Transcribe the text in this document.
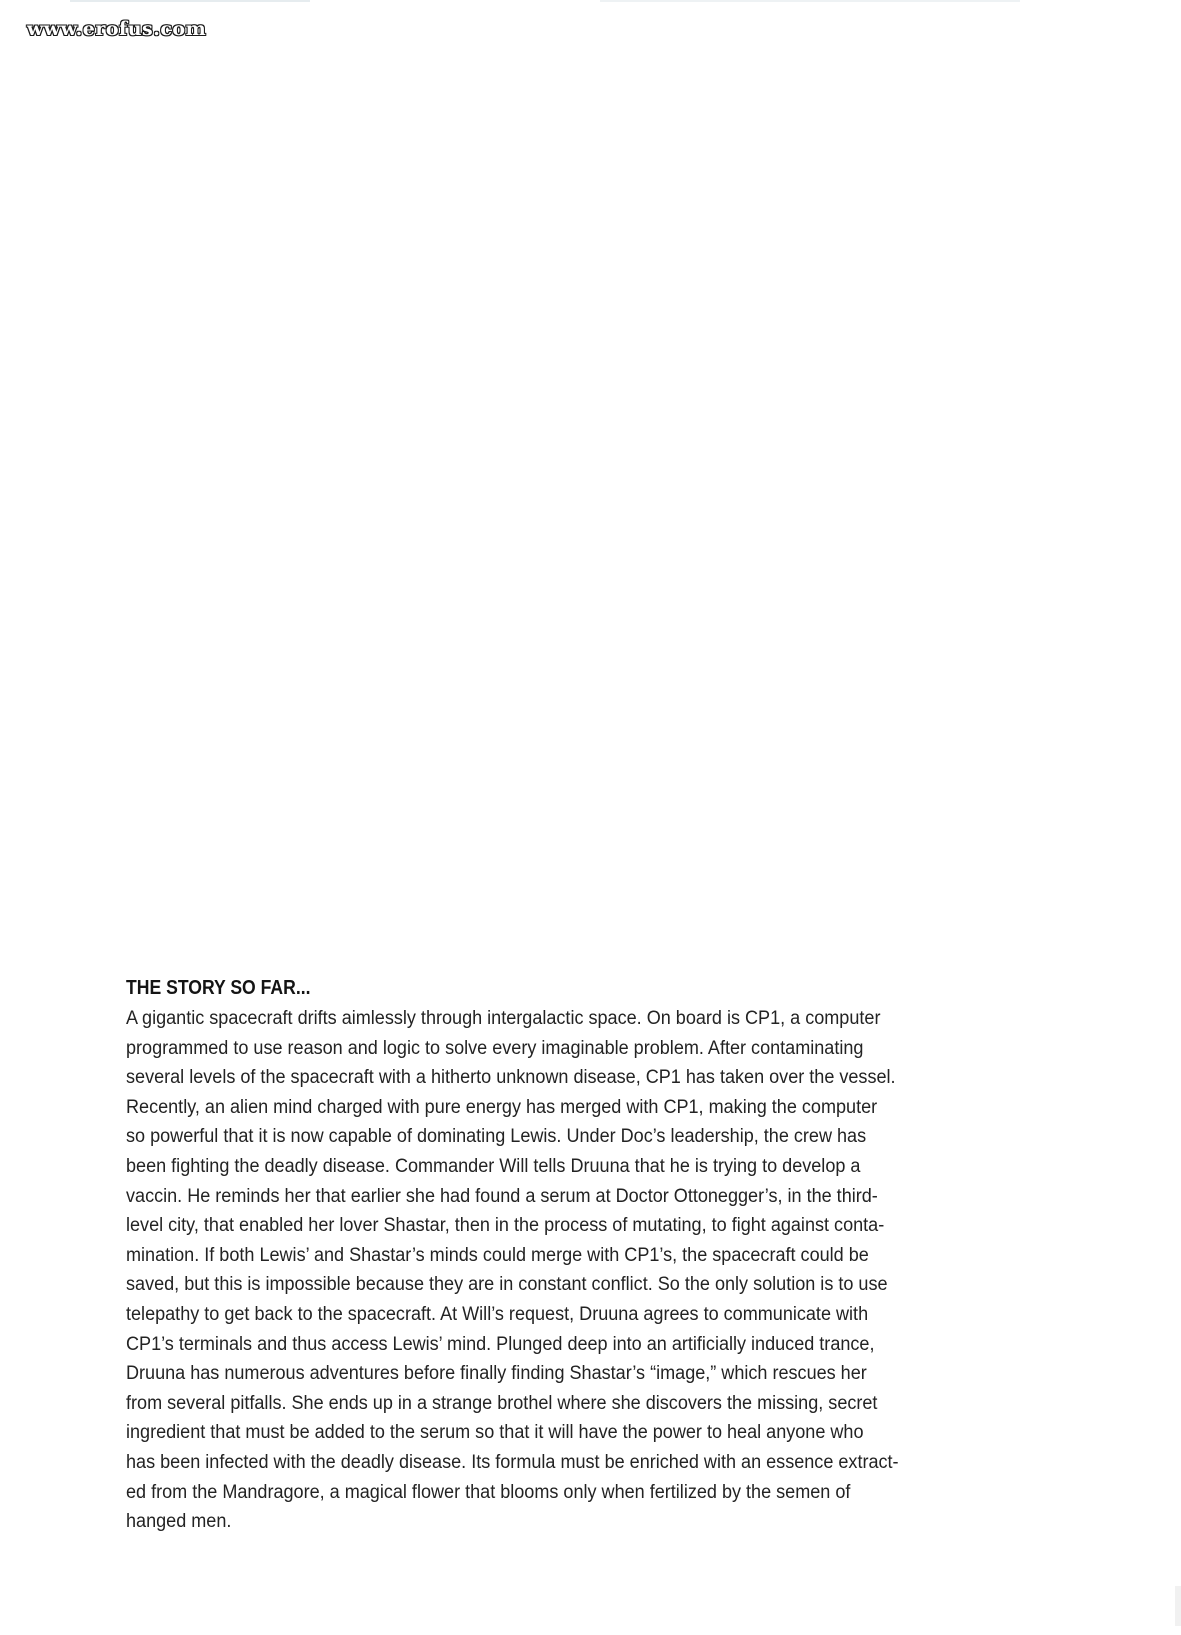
www.erofus.com
THE STORY SO FAR...

A gigantic spacecraft drifts aimlessly through intergalactic space. On board is CP1, a computer
programmed to use reason and logic to solve every imaginable problem. After contaminating
several levels of the spacecraft with a hitherto unknown disease, CP1 has taken over the vessel.
Recently, an alien mind charged with pure energy has merged with CP1, making the computer
so powerful that it is now capable of dominating Lewis. Under Doc’s leadership, the crew has
been fighting the deadly disease. Commander Will tells Druuna that he is trying to develop a
vaccin. He reminds her that earlier she had found a serum at Doctor Ottonegger’s, in the third-
level city, that enabled her lover Shastar, then in the process of mutating, to fight against conta-
mination. If both Lewis’ and Shastar’s minds could merge with CP1’s, the spacecraft could be
saved, but this is impossible because they are in constant conflict. So the only solution is to use
telepathy to get back to the spacecraft. At Will’s request, Druuna agrees to communicate with
CP1’s terminals and thus access Lewis’ mind. Plunged deep into an artificially induced trance,
Druuna has numerous adventures before finally finding Shastar’s “image,” which rescues her
from several pitfalls. She ends up in a strange brothel where she discovers the missing, secret
ingredient that must be added to the serum so that it will have the power to heal anyone who
has been infected with the deadly disease. Its formula must be enriched with an essence extract-
ed from the Mandragore, a magical flower that blooms only when fertilized by the semen of
hanged men.
